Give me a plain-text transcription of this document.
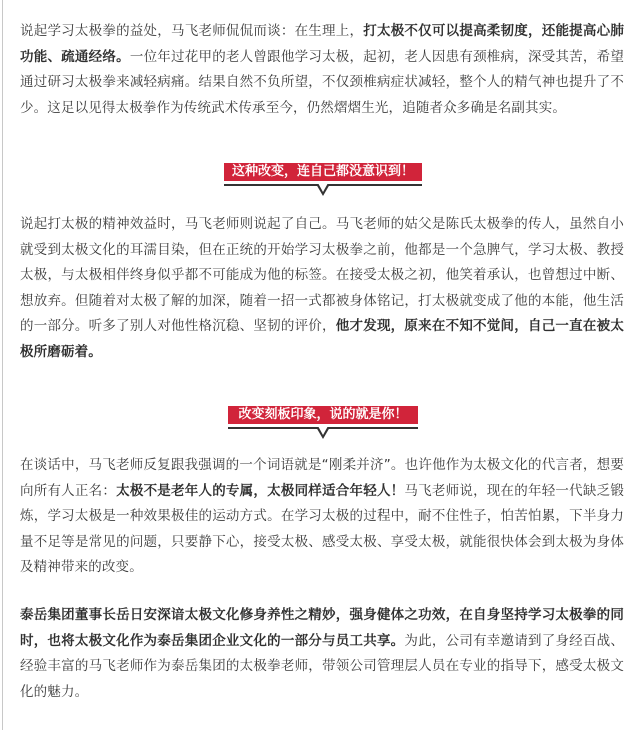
说起学习太极拳的益处，马飞老师侃侃而谈：在生理上，打太极不仅可以提高柔韧度，还能提高心肺功能、疏通经络。一位年过花甲的老人曾跟他学习太极，起初，老人因患有颈椎病，深受其苦，希望通过研习太极拳来减轻病痛。结果自然不负所望，不仅颈椎病症状减轻，整个人的精气神也提升了不少。这足以见得太极拳作为传统武术传承至今，仍然熠熠生光，追随者众多确是名副其实。

这种改变，连自己都没意识到！

说起打太极的精神效益时，马飞老师则说起了自己。马飞老师的姑父是陈氏太极拳的传人，虽然自小就受到太极文化的耳濡目染，但在正统的开始学习太极拳之前，他都是一个急脾气，学习太极、教授太极，与太极相伴终身似乎都不可能成为他的标签。在接受太极之初，他笑着承认，也曾想过中断、想放弃。但随着对太极了解的加深，随着一招一式都被身体铭记，打太极就变成了他的本能，他生活的一部分。听多了别人对他性格沉稳、坚韧的评价，他才发现，原来在不知不觉间，自己一直在被太极所磨砺着。

改变刻板印象，说的就是你！

在谈话中，马飞老师反复跟我强调的一个词语就是“刚柔并济”。也许他作为太极文化的代言者，想要向所有人正名：太极不是老年人的专属，太极同样适合年轻人！马飞老师说，现在的年轻一代缺乏锻炼，学习太极是一种效果极佳的运动方式。在学习太极的过程中，耐不住性子，怕苦怕累，下半身力量不足等是常见的问题，只要静下心，接受太极、感受太极、享受太极，就能很快体会到太极为身体及精神带来的改变。

泰岳集团董事长岳日安深谙太极文化修身养性之精妙，强身健体之功效，在自身坚持学习太极拳的同时，也将太极文化作为泰岳集团企业文化的一部分与员工共享。为此，公司有幸邀请到了身经百战、经验丰富的马飞老师作为泰岳集团的太极拳老师，带领公司管理层人员在专业的指导下，感受太极文化的魅力。
